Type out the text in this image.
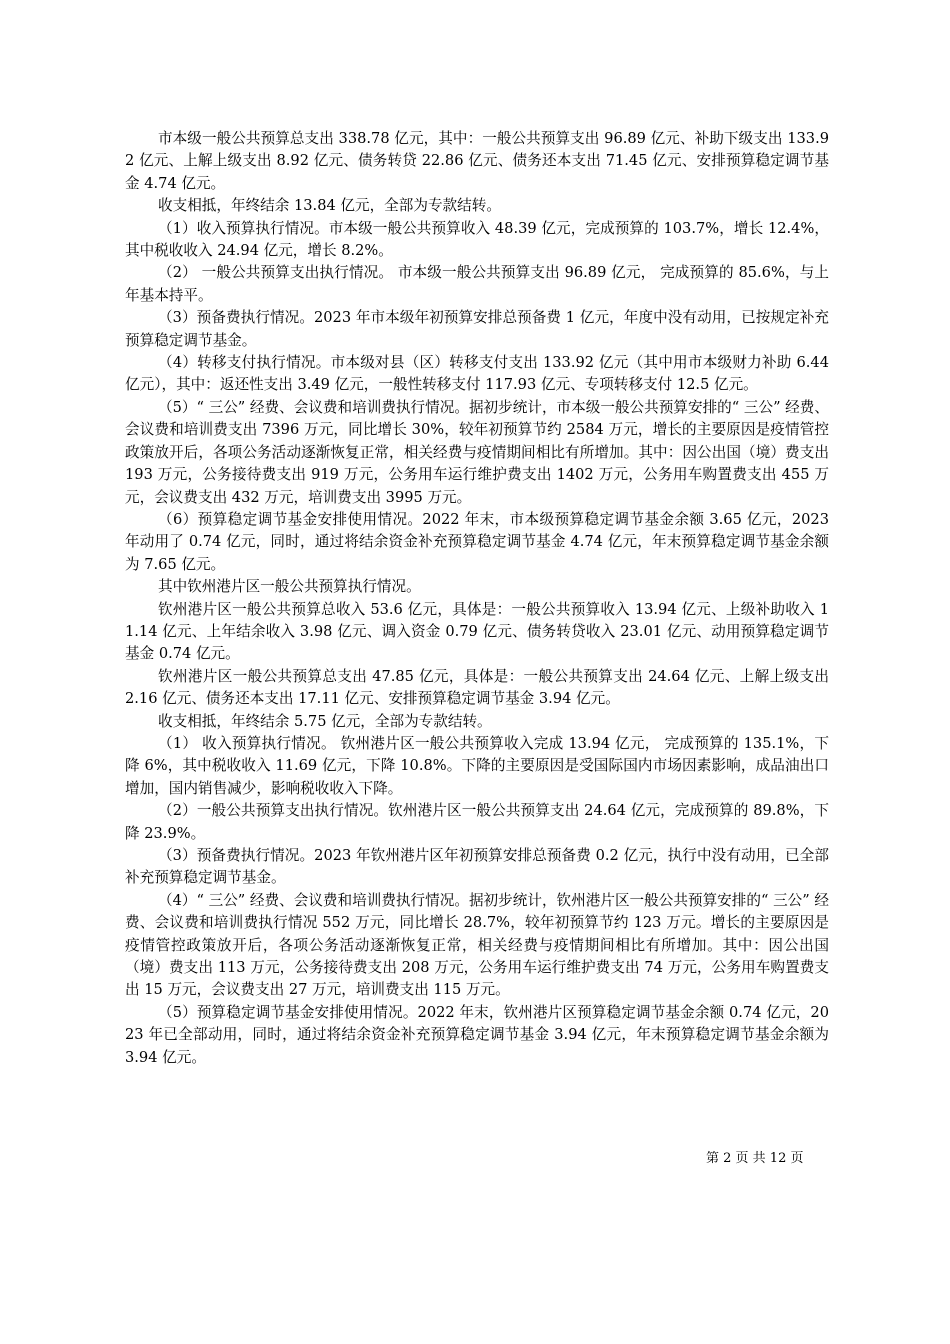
市本级一般公共预算总支出 338.78 亿元，其中：一般公共预算支出 96.89 亿元、补助下级支出 133.92 亿元、上解上级支出 8.92 亿元、债务转贷 22.86 亿元、债务还本支出 71.45 亿元、安排预算稳定调节基金 4.74 亿元。

收支相抵，年终结余 13.84 亿元，全部为专款结转。

（1）收入预算执行情况。市本级一般公共预算收入 48.39 亿元，完成预算的 103.7%，增长 12.4%，其中税收收入 24.94 亿元，增长 8.2%。

（2） 一般公共预算支出执行情况。 市本级一般公共预算支出 96.89 亿元， 完成预算的 85.6%，与上年基本持平。

（3）预备费执行情况。2023 年市本级年初预算安排总预备费 1 亿元，年度中没有动用，已按规定补充预算稳定调节基金。

（4）转移支付执行情况。市本级对县（区）转移支付支出 133.92 亿元（其中用市本级财力补助 6.44 亿元），其中：返还性支出 3.49 亿元，一般性转移支付 117.93 亿元、专项转移支付 12.5 亿元。

（5）“ 三公” 经费、会议费和培训费执行情况。据初步统计，市本级一般公共预算安排的“ 三公” 经费、会议费和培训费支出 7396 万元，同比增长 30%，较年初预算节约 2584 万元，增长的主要原因是疫情管控政策放开后，各项公务活动逐渐恢复正常，相关经费与疫情期间相比有所增加。其中：因公出国（境）费支出 193 万元，公务接待费支出 919 万元，公务用车运行维护费支出 1402 万元，公务用车购置费支出 455 万元，会议费支出 432 万元，培训费支出 3995 万元。

（6）预算稳定调节基金安排使用情况。2022 年末，市本级预算稳定调节基金余额 3.65 亿元，2023 年动用了 0.74 亿元，同时，通过将结余资金补充预算稳定调节基金 4.74 亿元，年末预算稳定调节基金余额为 7.65 亿元。

其中钦州港片区一般公共预算执行情况。

钦州港片区一般公共预算总收入 53.6 亿元，具体是：一般公共预算收入 13.94 亿元、上级补助收入 11.14 亿元、上年结余收入 3.98 亿元、调入资金 0.79 亿元、债务转贷收入 23.01 亿元、动用预算稳定调节基金 0.74 亿元。

钦州港片区一般公共预算总支出 47.85 亿元，具体是：一般公共预算支出 24.64 亿元、上解上级支出 2.16 亿元、债务还本支出 17.11 亿元、安排预算稳定调节基金 3.94 亿元。

收支相抵，年终结余 5.75 亿元，全部为专款结转。

（1） 收入预算执行情况。 钦州港片区一般公共预算收入完成 13.94 亿元， 完成预算的 135.1%，下降 6%，其中税收收入 11.69 亿元，下降 10.8%。下降的主要原因是受国际国内市场因素影响，成品油出口增加，国内销售减少，影响税收收入下降。

（2）一般公共预算支出执行情况。钦州港片区一般公共预算支出 24.64 亿元，完成预算的 89.8%，下降 23.9%。

（3）预备费执行情况。2023 年钦州港片区年初预算安排总预备费 0.2 亿元，执行中没有动用，已全部补充预算稳定调节基金。

（4）“ 三公” 经费、会议费和培训费执行情况。据初步统计，钦州港片区一般公共预算安排的“ 三公” 经费、会议费和培训费执行情况 552 万元，同比增长 28.7%，较年初预算节约 123 万元。增长的主要原因是疫情管控政策放开后，各项公务活动逐渐恢复正常，相关经费与疫情期间相比有所增加。其中：因公出国（境）费支出 113 万元，公务接待费支出 208 万元，公务用车运行维护费支出 74 万元，公务用车购置费支出 15 万元，会议费支出 27 万元，培训费支出 115 万元。

（5）预算稳定调节基金安排使用情况。2022 年末，钦州港片区预算稳定调节基金余额 0.74 亿元，2023 年已全部动用，同时，通过将结余资金补充预算稳定调节基金 3.94 亿元，年末预算稳定调节基金余额为 3.94 亿元。

第 2 页 共 12 页
